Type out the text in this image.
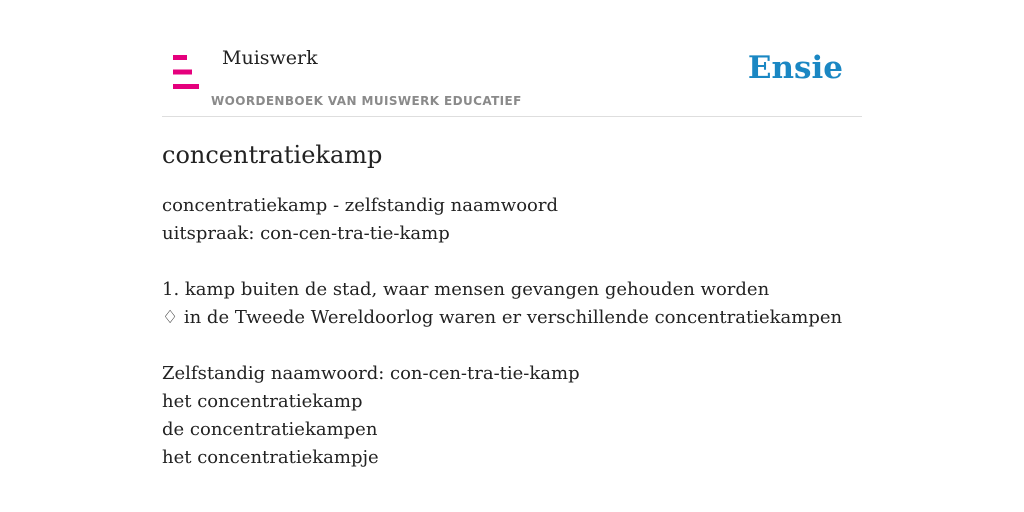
Muiswerk
WOORDENBOEK VAN MUISWERK EDUCATIEF
Ensie
concentratiekamp
concentratiekamp - zelfstandig naamwoord
uitspraak: con-cen-tra-tie-kamp
1. kamp buiten de stad, waar mensen gevangen gehouden worden
♢ in de Tweede Wereldoorlog waren er verschillende concentratiekampen
Zelfstandig naamwoord: con-cen-tra-tie-kamp
het concentratiekamp
de concentratiekampen
het concentratiekampje
